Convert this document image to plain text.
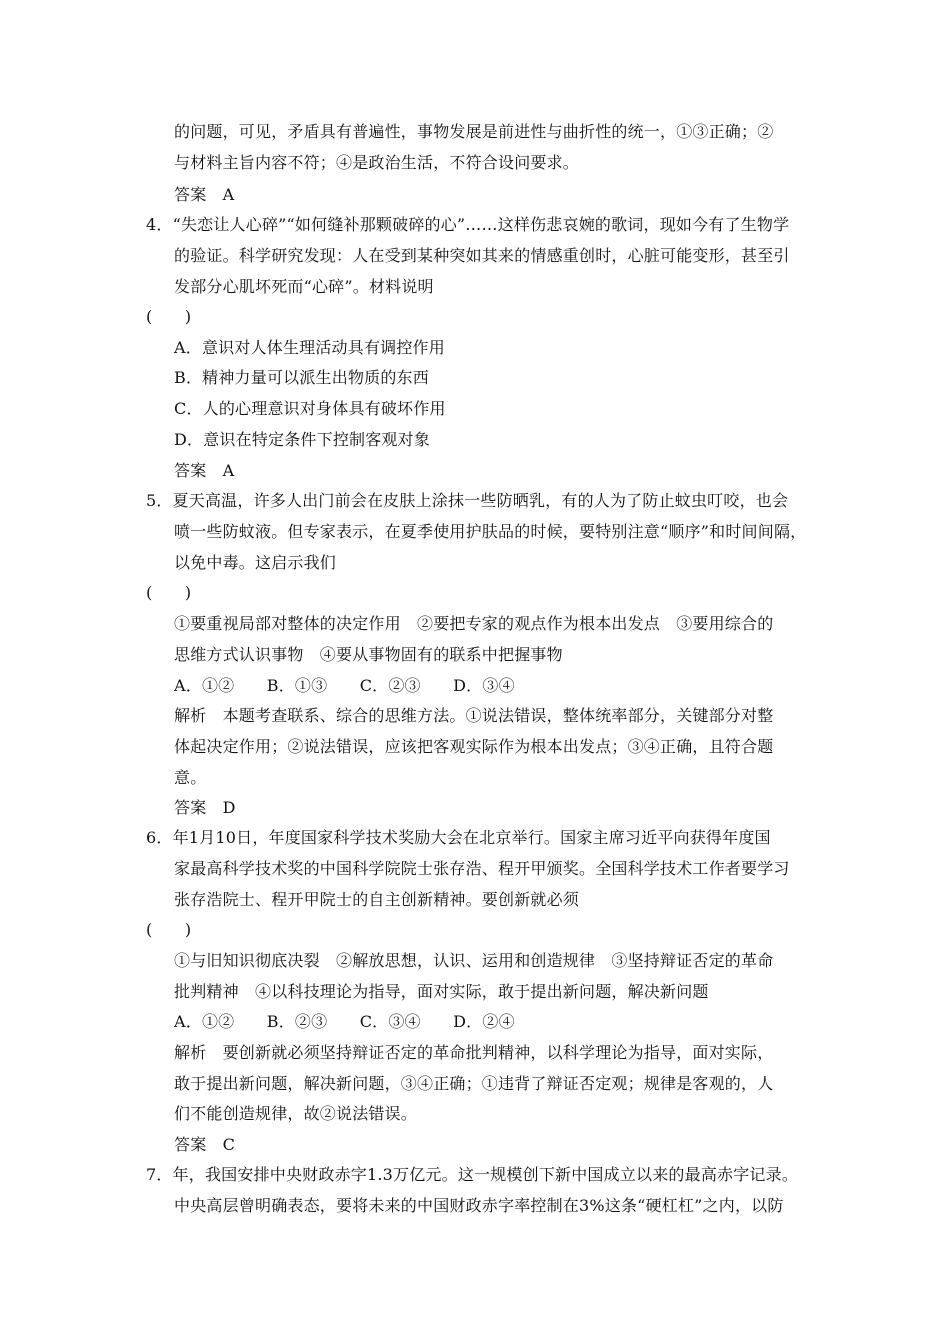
的问题，可见，矛盾具有普遍性，事物发展是前进性与曲折性的统一，①③正确；②
与材料主旨内容不符；④是政治生活，不符合设问要求。
答案　A
4．“失恋让人心碎”“如何缝补那颗破碎的心”……这样伤悲哀婉的歌词，现如今有了生物学
的验证。科学研究发现：人在受到某种突如其来的情感重创时，心脏可能变形，甚至引
发部分心肌坏死而“心碎”。材料说明
(　　)
A．意识对人体生理活动具有调控作用
B．精神力量可以派生出物质的东西
C．人的心理意识对身体具有破坏作用
D．意识在特定条件下控制客观对象
答案　A
5．夏天高温，许多人出门前会在皮肤上涂抹一些防晒乳，有的人为了防止蚊虫叮咬，也会
喷一些防蚊液。但专家表示，在夏季使用护肤品的时候，要特别注意“顺序”和时间间隔，
以免中毒。这启示我们
(　　)
①要重视局部对整体的决定作用　②要把专家的观点作为根本出发点　③要用综合的
思维方式认识事物　④要从事物固有的联系中把握事物
A．①②　　B．①③　　C．②③　　D．③④
解析　本题考查联系、综合的思维方法。①说法错误，整体统率部分，关键部分对整
体起决定作用；②说法错误，应该把客观实际作为根本出发点；③④正确，且符合题
意。
答案　D
6．年1月10日，年度国家科学技术奖励大会在北京举行。国家主席习近平向获得年度国
家最高科学技术奖的中国科学院院士张存浩、程开甲颁奖。全国科学技术工作者要学习
张存浩院士、程开甲院士的自主创新精神。要创新就必须
(　　)
①与旧知识彻底决裂　②解放思想，认识、运用和创造规律　③坚持辩证否定的革命
批判精神　④以科技理论为指导，面对实际，敢于提出新问题，解决新问题
A．①②　　B．②③　　C．③④　　D．②④
解析　要创新就必须坚持辩证否定的革命批判精神，以科学理论为指导，面对实际，
敢于提出新问题，解决新问题，③④正确；①违背了辩证否定观；规律是客观的，人
们不能创造规律，故②说法错误。
答案　C
7．年，我国安排中央财政赤字1.3万亿元。这一规模创下新中国成立以来的最高赤字记录。
中央高层曾明确表态，要将未来的中国财政赤字率控制在3%这条“硬杠杠”之内，以防
